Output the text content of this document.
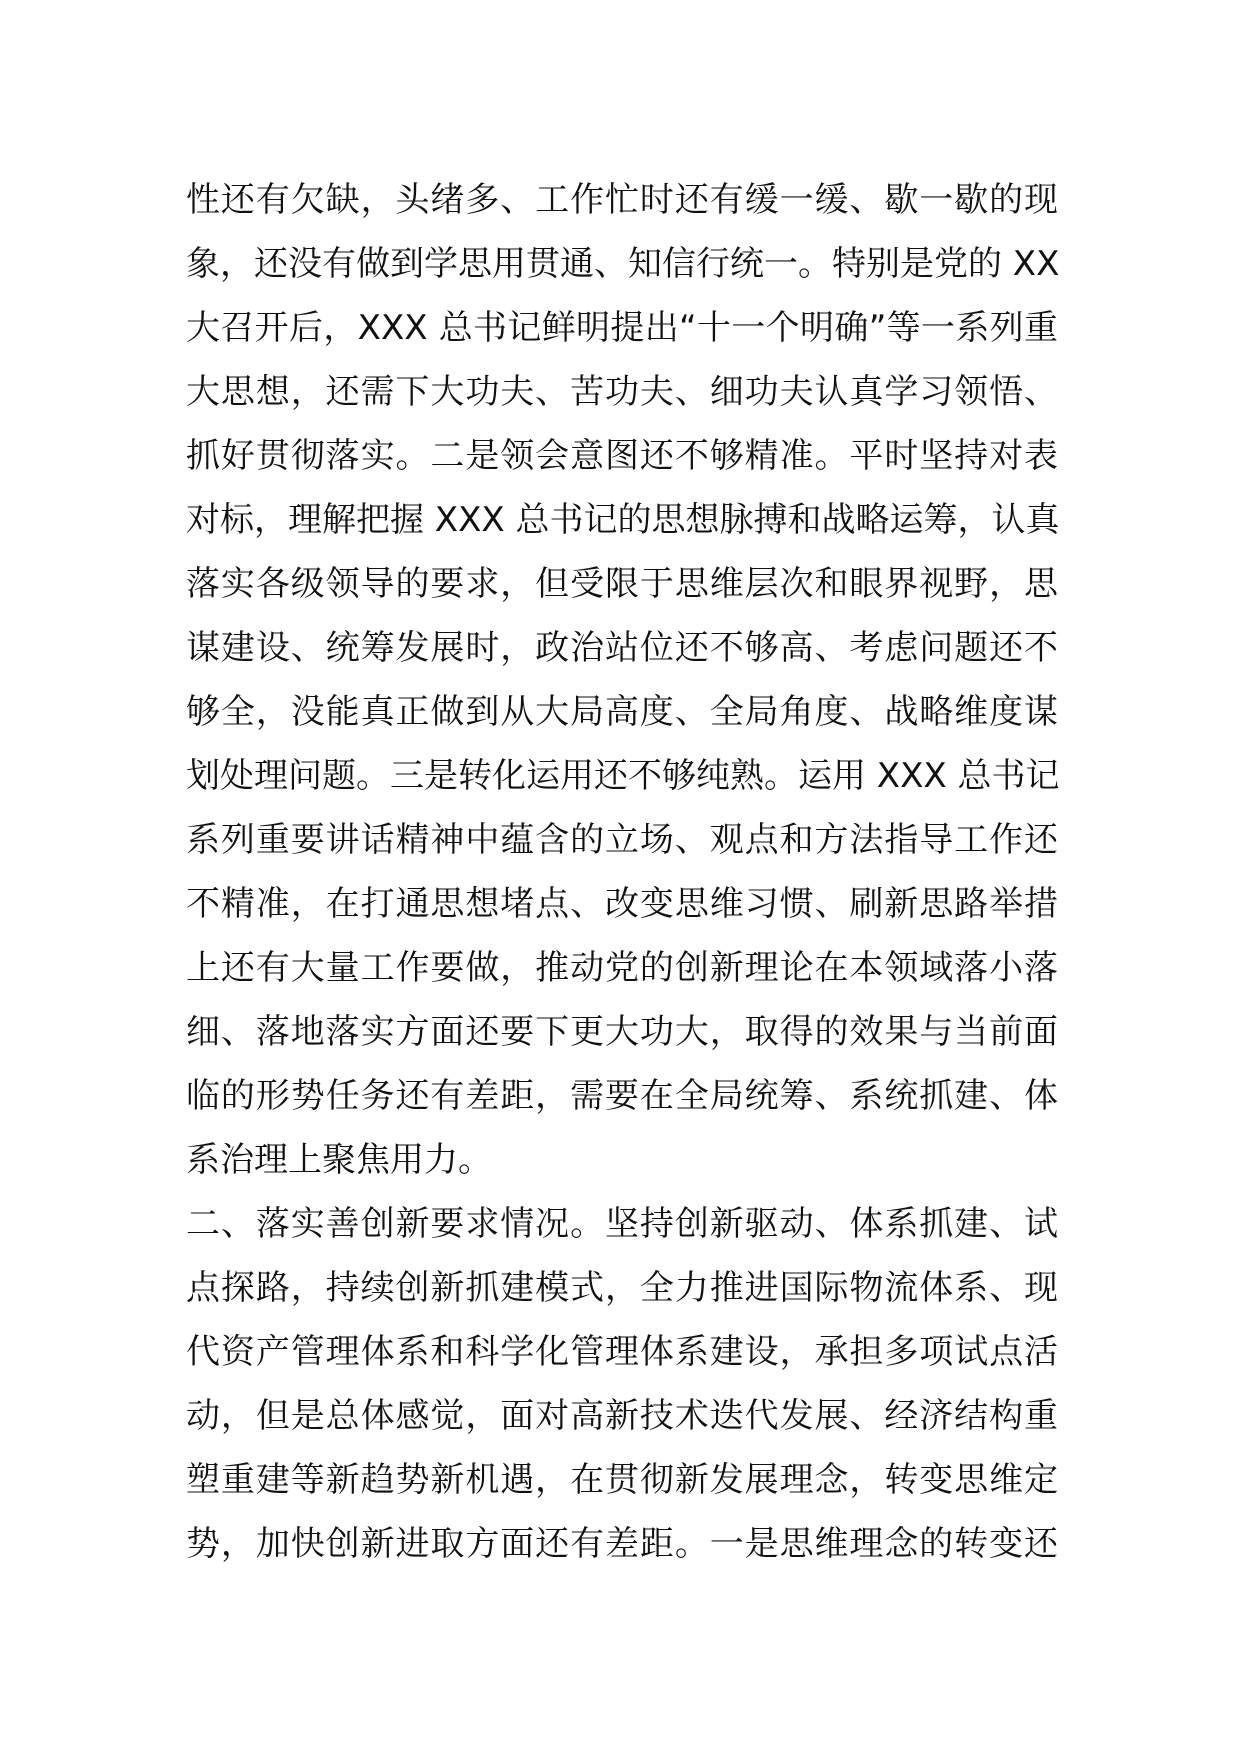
性还有欠缺，头绪多、工作忙时还有缓一缓、歇一歇的现
象，还没有做到学思用贯通、知信行统一。特别是党的 XX
大召开后，XXX 总书记鲜明提出“十一个明确”等一系列重
大思想，还需下大功夫、苦功夫、细功夫认真学习领悟、
抓好贯彻落实。二是领会意图还不够精准。平时坚持对表
对标，理解把握 XXX 总书记的思想脉搏和战略运筹，认真
落实各级领导的要求，但受限于思维层次和眼界视野，思
谋建设、统筹发展时，政治站位还不够高、考虑问题还不
够全，没能真正做到从大局高度、全局角度、战略维度谋
划处理问题。三是转化运用还不够纯熟。运用 XXX 总书记
系列重要讲话精神中蕴含的立场、观点和方法指导工作还
不精准，在打通思想堵点、改变思维习惯、刷新思路举措
上还有大量工作要做，推动党的创新理论在本领域落小落
细、落地落实方面还要下更大功大，取得的效果与当前面
临的形势任务还有差距，需要在全局统筹、系统抓建、体
系治理上聚焦用力。
二、落实善创新要求情况。坚持创新驱动、体系抓建、试
点探路，持续创新抓建模式，全力推进国际物流体系、现
代资产管理体系和科学化管理体系建设，承担多项试点活
动，但是总体感觉，面对高新技术迭代发展、经济结构重
塑重建等新趋势新机遇，在贯彻新发展理念，转变思维定
势，加快创新进取方面还有差距。一是思维理念的转变还
